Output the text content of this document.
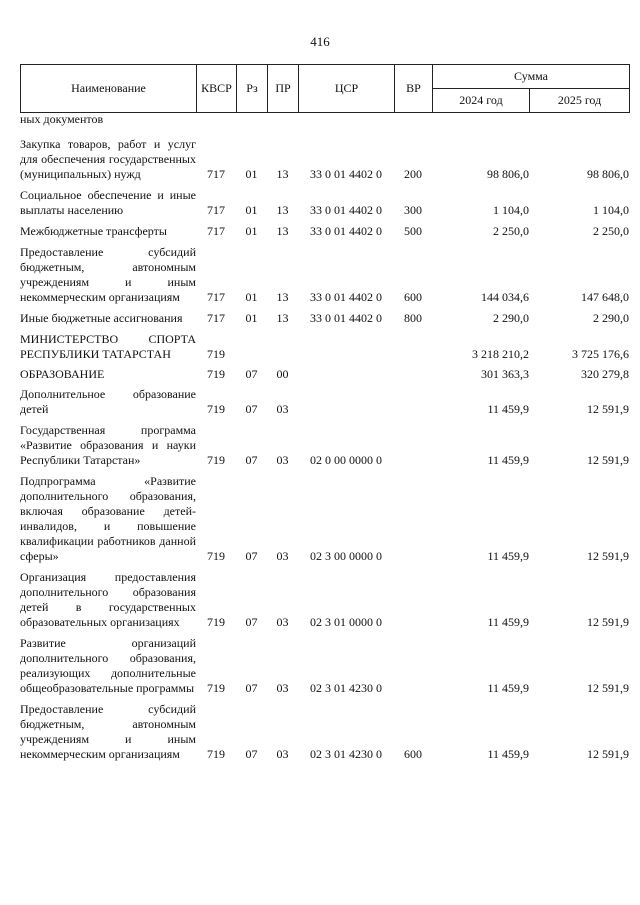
416
Наименование	КВСР	Рз	ПР	ЦСР	ВР	Сумма	
						2024 год	2025 год
ных документов							

Закупка товаров, работ и услуг для обеспечения государственных (муниципальных) нужд	717	01	13	33 0 01 4402 0	200	98 806,0	98 806,0

Социальное обеспечение и иные выплаты населению	717	01	13	33 0 01 4402 0	300	1 104,0	1 104,0

Межбюджетные трансферты	717	01	13	33 0 01 4402 0	500	2 250,0	2 250,0

Предоставление субсидий бюджетным, автономным учреждениям и иным некоммерческим организациям	717	01	13	33 0 01 4402 0	600	144 034,6	147 648,0

Иные бюджетные ассигнования	717	01	13	33 0 01 4402 0	800	2 290,0	2 290,0

МИНИСТЕРСТВО СПОРТА РЕСПУБЛИКИ ТАТАРСТАН	719					3 218 210,2	3 725 176,6

ОБРАЗОВАНИЕ	719	07	00			301 363,3	320 279,8

Дополнительное образование детей	719	07	03			11 459,9	12 591,9

Государственная программа «Развитие образования и науки Республики Татарстан»	719	07	03	02 0 00 0000 0		11 459,9	12 591,9

Подпрограмма «Развитие дополнительного образования, включая образование детей-инвалидов, и повышение квалификации работников данной сферы»	719	07	03	02 3 00 0000 0		11 459,9	12 591,9

Организация предоставления дополнительного образования детей в государственных образовательных организациях	719	07	03	02 3 01 0000 0		11 459,9	12 591,9

Развитие организаций дополнительного образования, реализующих дополнительные общеобразовательные программы	719	07	03	02 3 01 4230 0		11 459,9	12 591,9

Предоставление субсидий бюджетным, автономным учреждениям и иным некоммерческим организациям	719	07	03	02 3 01 4230 0	600	11 459,9	12 591,9
